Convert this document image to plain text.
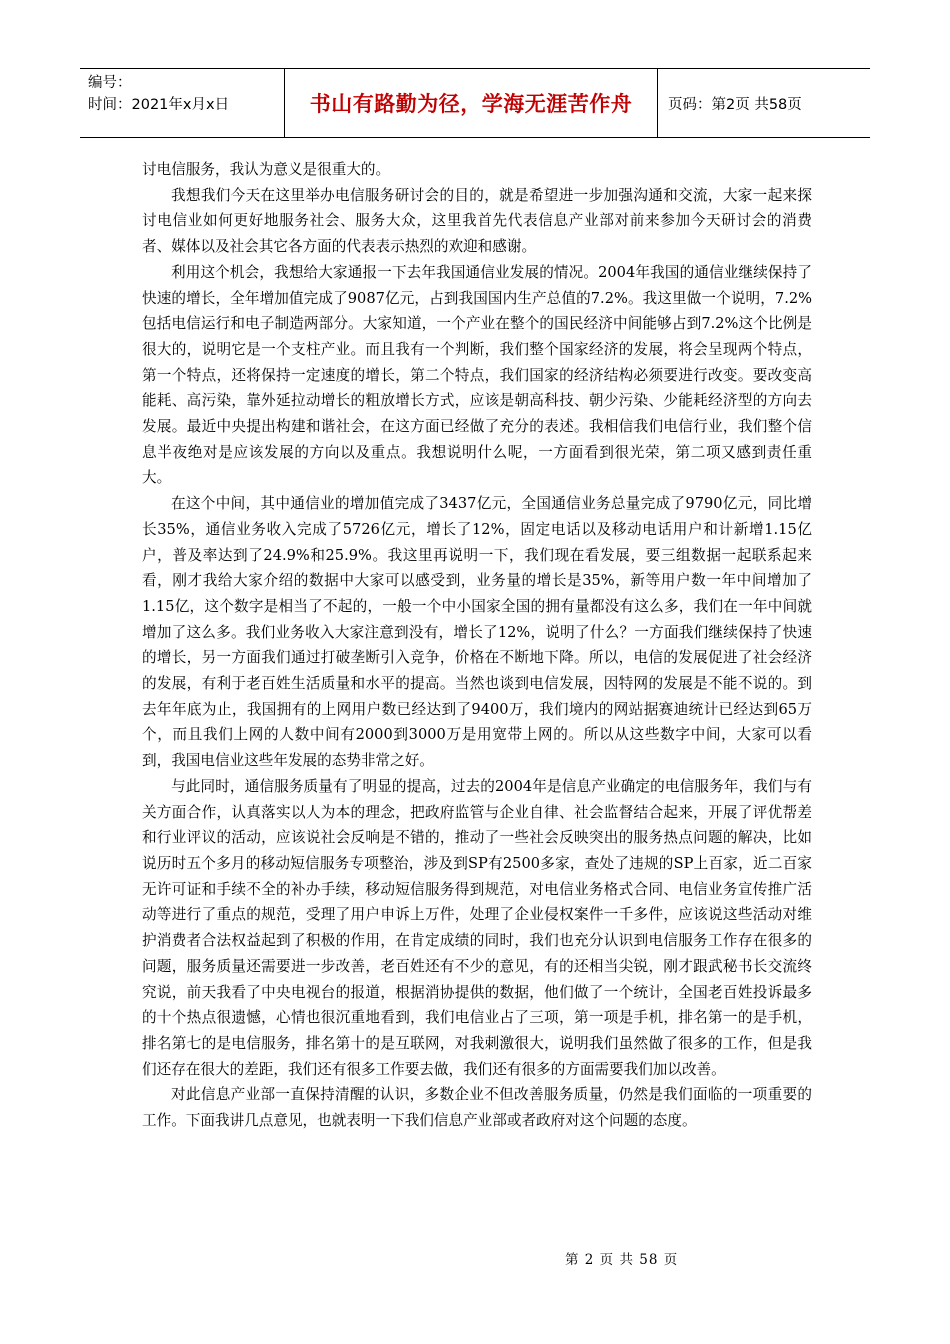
编号：
时间：2021年x月x日	书山有路勤为径，学海无涯苦作舟	页码：第2页 共58页

讨电信服务，我认为意义是很重大的。

我想我们今天在这里举办电信服务研讨会的目的，就是希望进一步加强沟通和交流，大家一起来探讨电信业如何更好地服务社会、服务大众，这里我首先代表信息产业部对前来参加今天研讨会的消费者、媒体以及社会其它各方面的代表表示热烈的欢迎和感谢。

利用这个机会，我想给大家通报一下去年我国通信业发展的情况。2004年我国的通信业继续保持了快速的增长，全年增加值完成了9087亿元，占到我国国内生产总值的7.2%。我这里做一个说明，7.2%包括电信运行和电子制造两部分。大家知道，一个产业在整个的国民经济中间能够占到7.2%这个比例是很大的，说明它是一个支柱产业。而且我有一个判断，我们整个国家经济的发展，将会呈现两个特点，第一个特点，还将保持一定速度的增长，第二个特点，我们国家的经济结构必须要进行改变。要改变高能耗、高污染，靠外延拉动增长的粗放增长方式，应该是朝高科技、朝少污染、少能耗经济型的方向去发展。最近中央提出构建和谐社会，在这方面已经做了充分的表述。我相信我们电信行业，我们整个信息半夜绝对是应该发展的方向以及重点。我想说明什么呢，一方面看到很光荣，第二项又感到责任重大。

在这个中间，其中通信业的增加值完成了3437亿元，全国通信业务总量完成了9790亿元，同比增长35%，通信业务收入完成了5726亿元，增长了12%，固定电话以及移动电话用户和计新增1.15亿户，普及率达到了24.9%和25.9%。我这里再说明一下，我们现在看发展，要三组数据一起联系起来看，刚才我给大家介绍的数据中大家可以感受到，业务量的增长是35%，新等用户数一年中间增加了1.15亿，这个数字是相当了不起的，一般一个中小国家全国的拥有量都没有这么多，我们在一年中间就增加了这么多。我们业务收入大家注意到没有，增长了12%，说明了什么？一方面我们继续保持了快速的增长，另一方面我们通过打破垄断引入竞争，价格在不断地下降。所以，电信的发展促进了社会经济的发展，有利于老百姓生活质量和水平的提高。当然也谈到电信发展，因特网的发展是不能不说的。到去年年底为止，我国拥有的上网用户数已经达到了9400万，我们境内的网站据赛迪统计已经达到65万个，而且我们上网的人数中间有2000到3000万是用宽带上网的。所以从这些数字中间，大家可以看到，我国电信业这些年发展的态势非常之好。

与此同时，通信服务质量有了明显的提高，过去的2004年是信息产业确定的电信服务年，我们与有关方面合作，认真落实以人为本的理念，把政府监管与企业自律、社会监督结合起来，开展了评优帮差和行业评议的活动，应该说社会反响是不错的，推动了一些社会反映突出的服务热点问题的解决，比如说历时五个多月的移动短信服务专项整治，涉及到SP有2500多家，查处了违规的SP上百家，近二百家无许可证和手续不全的补办手续，移动短信服务得到规范，对电信业务格式合同、电信业务宣传推广活动等进行了重点的规范，受理了用户申诉上万件，处理了企业侵权案件一千多件，应该说这些活动对维护消费者合法权益起到了积极的作用，在肯定成绩的同时，我们也充分认识到电信服务工作存在很多的问题，服务质量还需要进一步改善，老百姓还有不少的意见，有的还相当尖锐，刚才跟武秘书长交流终究说，前天我看了中央电视台的报道，根据消协提供的数据，他们做了一个统计，全国老百姓投诉最多的十个热点很遗憾，心情也很沉重地看到，我们电信业占了三项，第一项是手机，排名第一的是手机，排名第七的是电信服务，排名第十的是互联网，对我刺激很大，说明我们虽然做了很多的工作，但是我们还存在很大的差距，我们还有很多工作要去做，我们还有很多的方面需要我们加以改善。

对此信息产业部一直保持清醒的认识，多数企业不但改善服务质量，仍然是我们面临的一项重要的工作。下面我讲几点意见，也就表明一下我们信息产业部或者政府对这个问题的态度。

第 2 页 共 58 页
